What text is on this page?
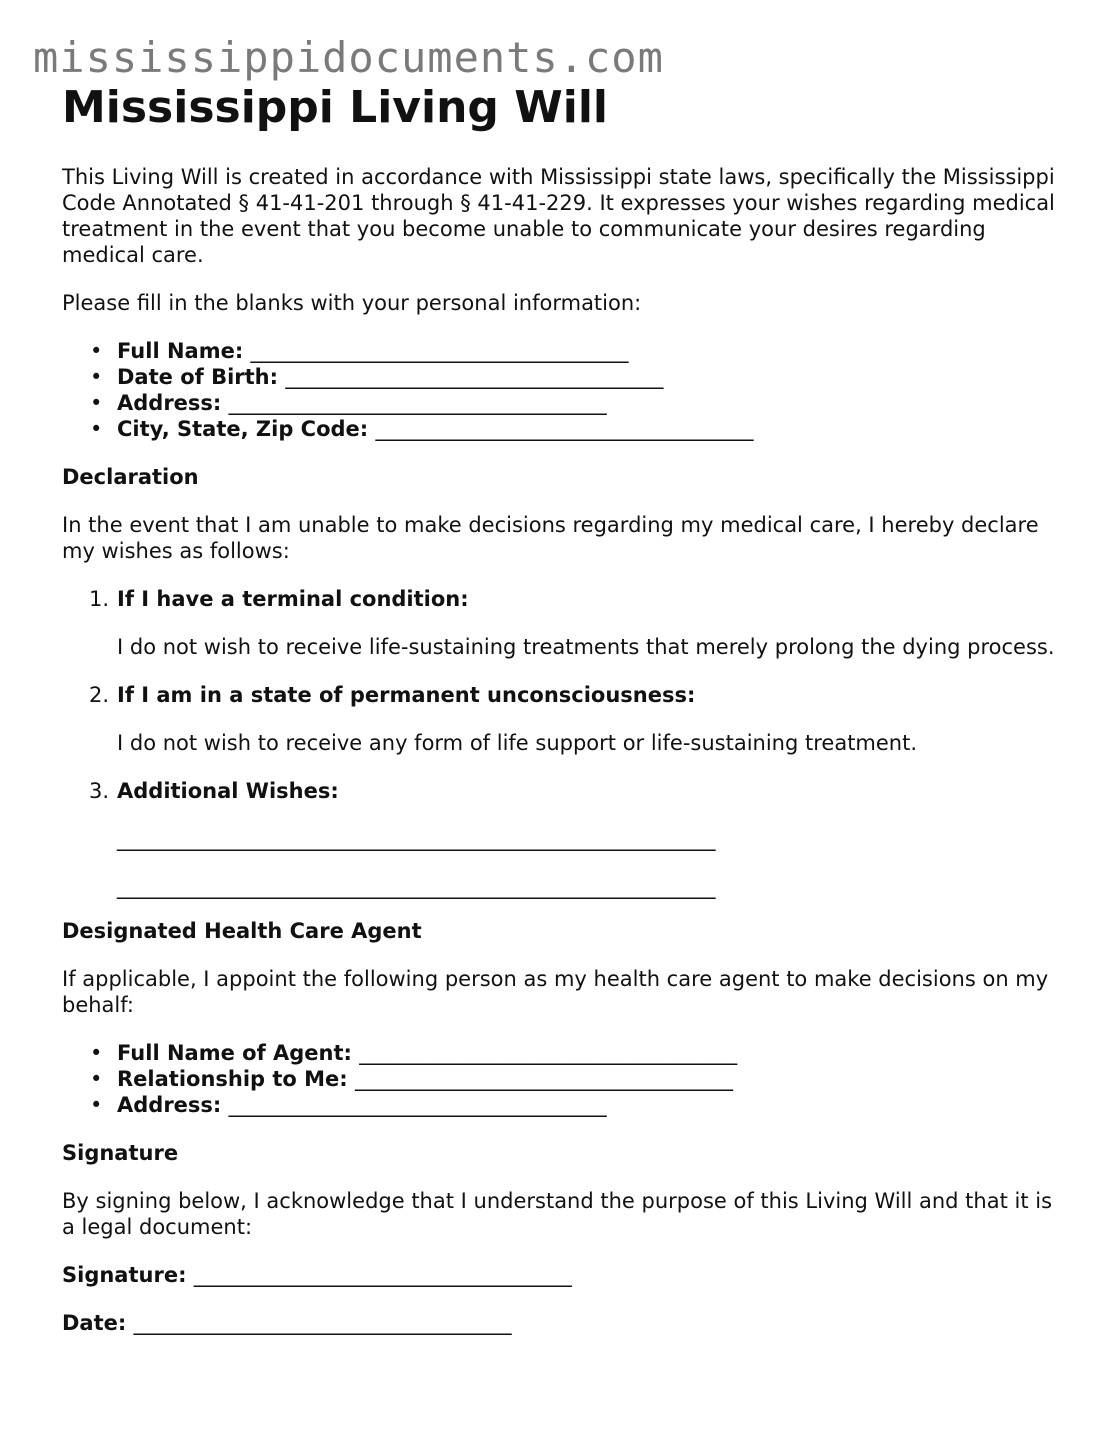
mississippidocuments.com
Mississippi Living Will

This Living Will is created in accordance with Mississippi state laws, specifically the Mississippi Code Annotated § 41-41-201 through § 41-41-229. It expresses your wishes regarding medical treatment in the event that you become unable to communicate your desires regarding medical care.

Please fill in the blanks with your personal information:

• Full Name: ____________________________________
• Date of Birth: ____________________________________
• Address: ____________________________________
• City, State, Zip Code: ____________________________________
Declaration

In the event that I am unable to make decisions regarding my medical care, I hereby declare my wishes as follows:

1. If I have a terminal condition:

I do not wish to receive life-sustaining treatments that merely prolong the dying process.

2. If I am in a state of permanent unconsciousness:

I do not wish to receive any form of life support or life-sustaining treatment.

3. Additional Wishes:

_________________________________________________________

_________________________________________________________

Designated Health Care Agent

If applicable, I appoint the following person as my health care agent to make decisions on my behalf:

• Full Name of Agent: ____________________________________
• Relationship to Me: ____________________________________
• Address: ____________________________________
Signature

By signing below, I acknowledge that I understand the purpose of this Living Will and that it is a legal document:

Signature: ____________________________________
Date: ____________________________________
